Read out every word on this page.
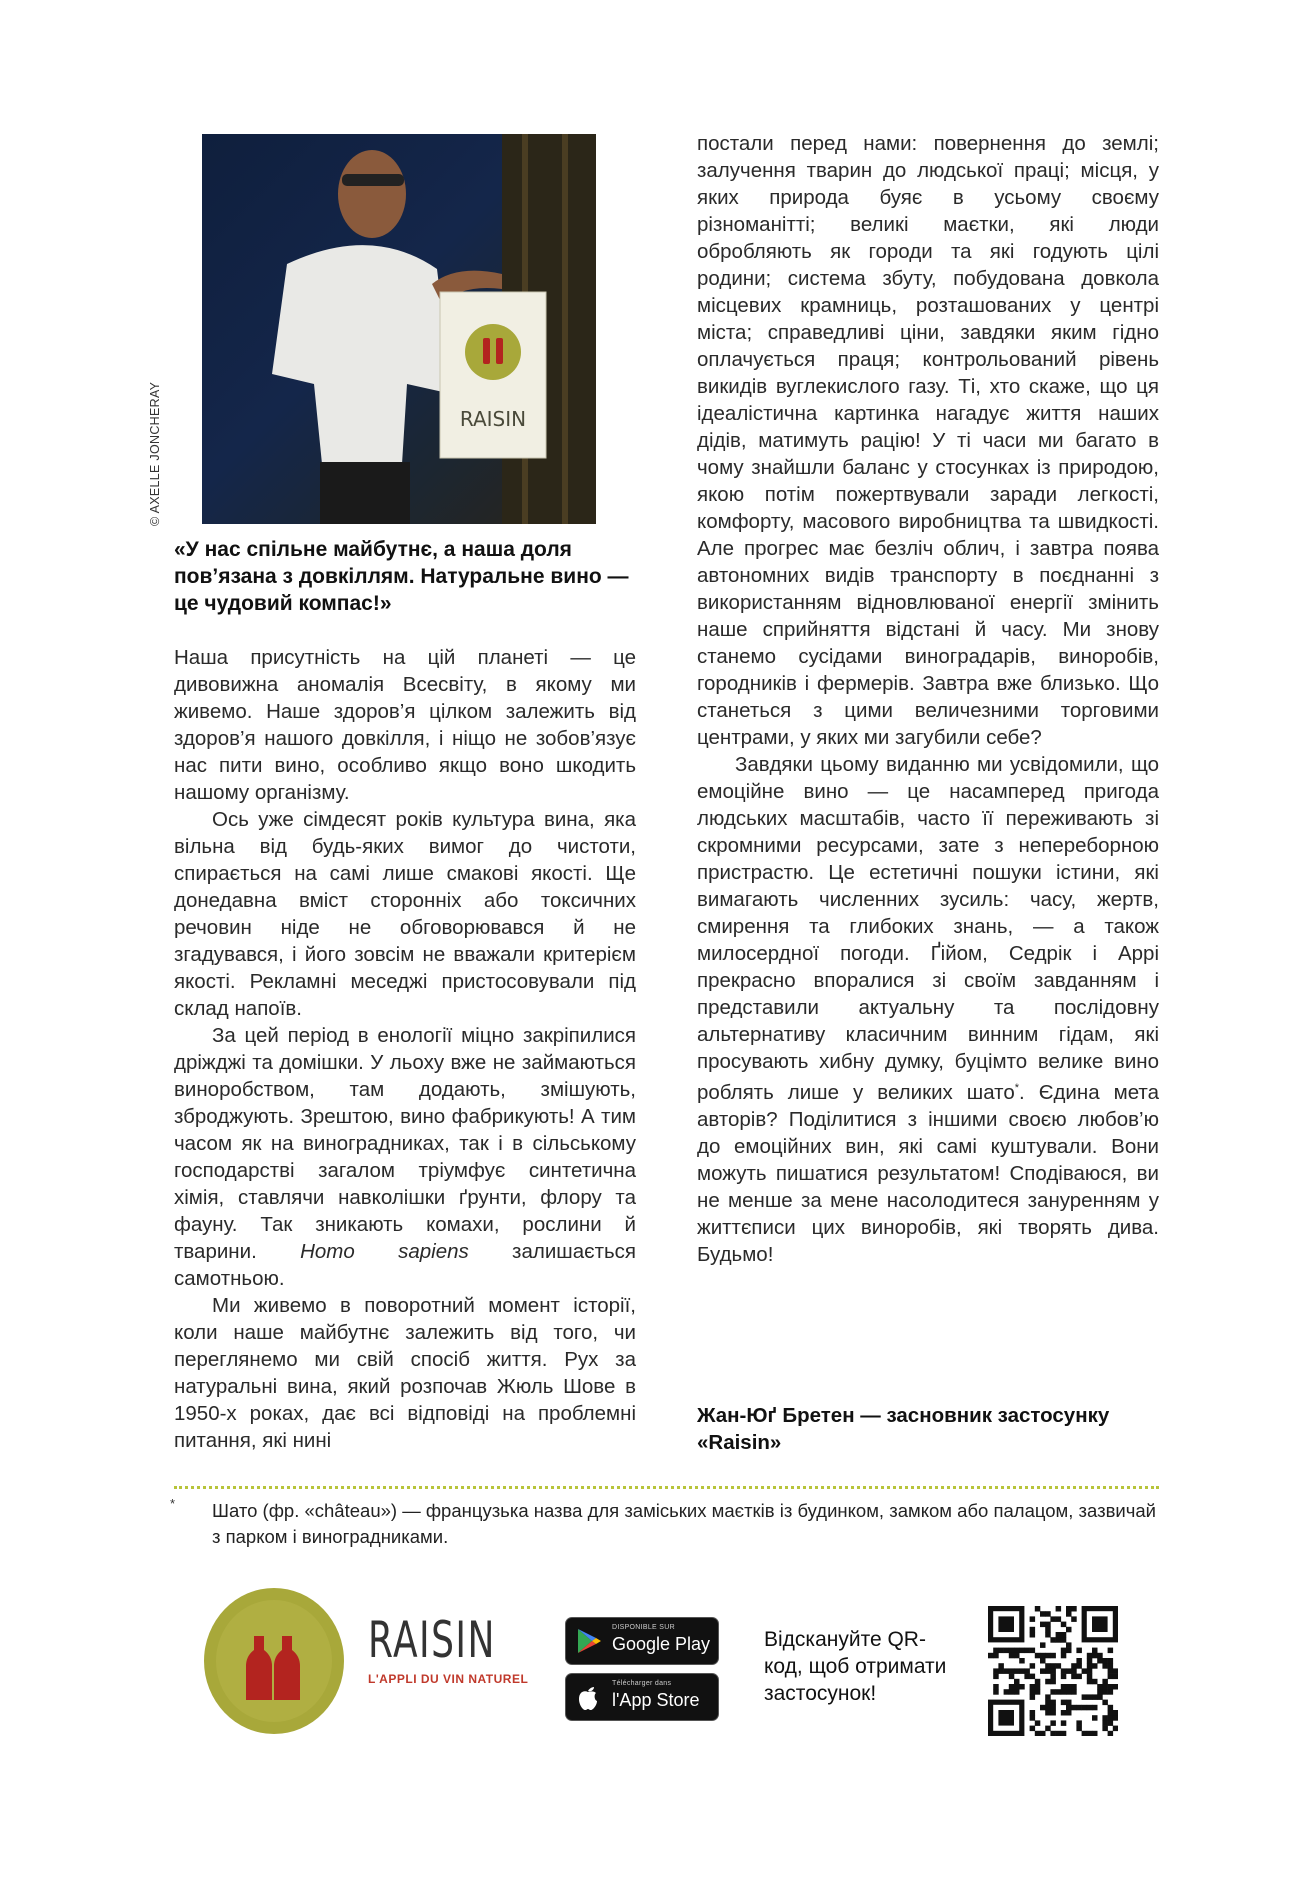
RAISIN
© AXELLE JONCHERAY
«У нас спільне майбутнє, а наша доля пов’язана з довкіллям. Натуральне вино — це чудовий компас!»

Наша присутність на цій планеті — це дивовижна аномалія Всесвіту, в якому ми живемо. Наше здоров’я цілком залежить від здоров’я нашого довкілля, і ніщо не зобов’язує нас пити вино, особливо якщо воно шкодить нашому організму.

Ось уже сімдесят років культура вина, яка вільна від будь-яких вимог до чистоти, спирається на самі лише смакові якості. Ще донедавна вміст сторонніх або токсичних речовин ніде не обговорювався й не згадувався, і його зовсім не вважали критерієм якості. Рекламні меседжі пристосовували під склад напоїв.

За цей період в енології міцно закріпилися дріжджі та домішки. У льоху вже не займаються виноробством, там додають, змішують, зброджують. Зрештою, вино фабрикують! А тим часом як на виноградниках, так і в сільському господарстві загалом тріумфує синтетична хімія, ставлячи навколішки ґрунти, флору та фауну. Так зникають комахи, рослини й тварини. Homo sapiens залишається самотньою.

Ми живемо в поворотний момент історії, коли наше майбутнє залежить від того, чи переглянемо ми свій спосіб життя. Рух за натуральні вина, який розпочав Жюль Шове в 1950-х роках, дає всі відповіді на проблемні питання, які нині

постали перед нами: повернення до землі; залучення тварин до людської праці; місця, у яких природа буяє в усьому своєму різноманітті; великі маєтки, які люди обробляють як городи та які годують цілі родини; система збуту, побудована довкола місцевих крамниць, розташованих у центрі міста; справедливі ціни, завдяки яким гідно оплачується праця; контрольований рівень викидів вуглекислого газу. Ті, хто скаже, що ця ідеалістична картинка нагадує життя наших дідів, матимуть рацію! У ті часи ми багато в чому знайшли баланс у стосунках із природою, якою потім пожертвували заради легкості, комфорту, масового виробництва та швидкості. Але прогрес має безліч облич, і завтра поява автономних видів транспорту в поєднанні з використанням відновлюваної енергії змінить наше сприйняття відстані й часу. Ми знову станемо сусідами виноградарів, виноробів, городників і фермерів. Завтра вже близько. Що станеться з цими величезними торговими центрами, у яких ми загубили себе?

Завдяки цьому виданню ми усвідомили, що емоційне вино — це насамперед пригода людських масштабів, часто її переживають зі скромними ресурсами, зате з непереборною пристрастю. Це естетичні пошуки істини, які вимагають численних зусиль: часу, жертв, смирення та глибоких знань, — а також милосердної погоди. Ґійом, Седрік і Аррі прекрасно впоралися зі своїм завданням і представили актуальну та послідовну альтернативу класичним винним гідам, які просувають хибну думку, буцімто велике вино роблять лише у великих шато*. Єдина мета авторів? Поділитися з іншими своєю любов’ю до емоційних вин, які самі куштували. Вони можуть пишатися результатом! Сподіваюся, ви не менше за мене насолодитеся зануренням у життєписи цих виноробів, які творять дива. Будьмо!

Жан-Юґ Бретен — засновник застосунку «Raisin»
* Шато (фр. «château») — французька назва для заміських маєтків із будинком, замком або палацом, зазвичай з парком і виноградниками.
RAISIN
L'APPLI DU VIN NATUREL
DISPONIBLE SUR
Google Play
Télécharger dans
l'App Store
Відскануйте QR-код, щоб отримати застосунок!
